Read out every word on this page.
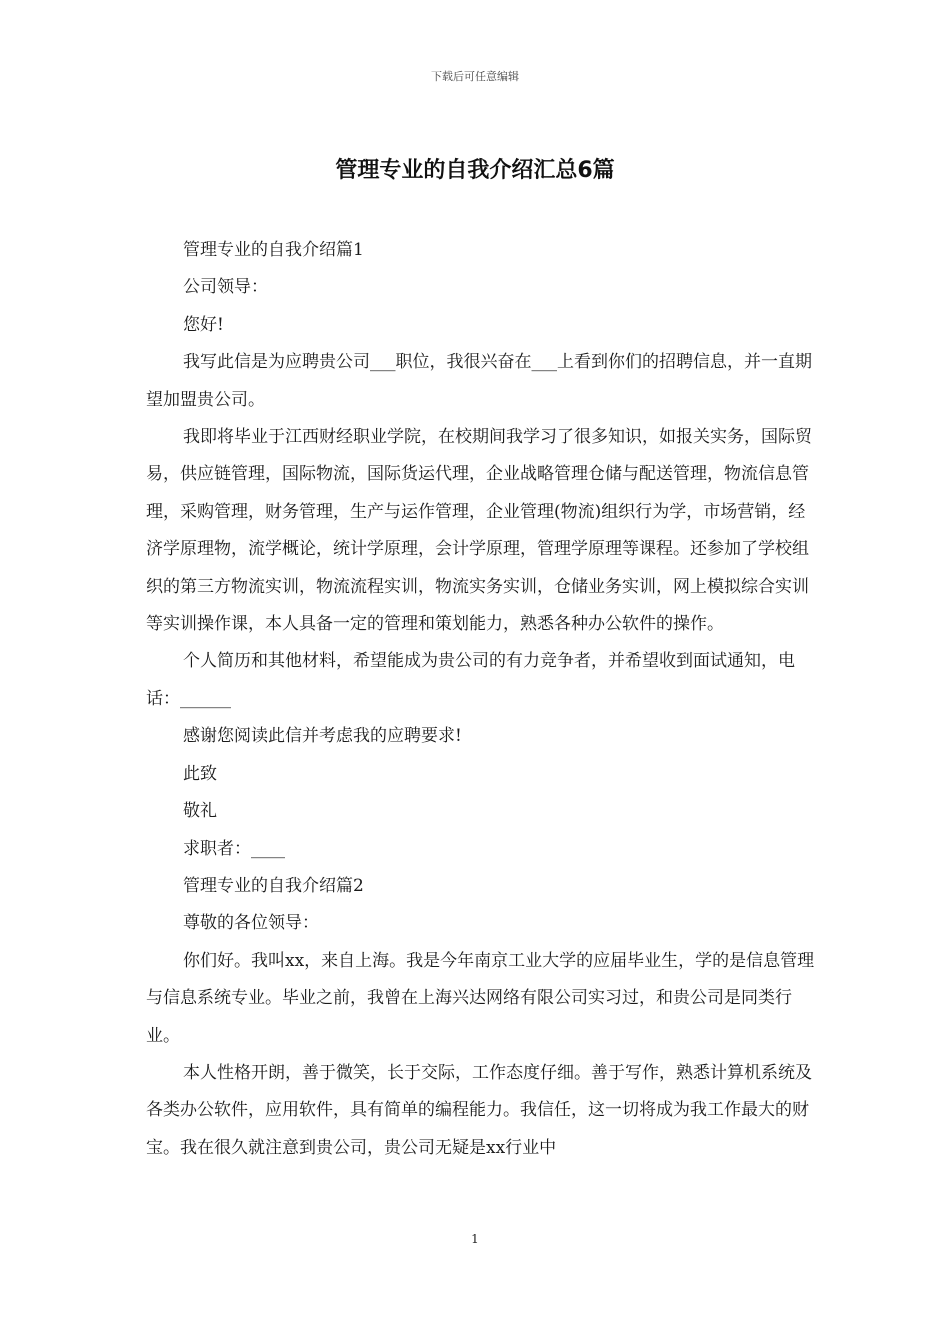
下载后可任意编辑
管理专业的自我介绍汇总6篇

管理专业的自我介绍篇1

公司领导：

您好!

我写此信是为应聘贵公司___职位，我很兴奋在___上看到你们的招聘信息，并一直期望加盟贵公司。

我即将毕业于江西财经职业学院，在校期间我学习了很多知识，如报关实务，国际贸易，供应链管理，国际物流，国际货运代理，企业战略管理仓储与配送管理，物流信息管理，采购管理，财务管理，生产与运作管理，企业管理(物流)组织行为学，市场营销，经济学原理物，流学概论，统计学原理，会计学原理，管理学原理等课程。还参加了学校组织的第三方物流实训，物流流程实训，物流实务实训，仓储业务实训，网上模拟综合实训等实训操作课，本人具备一定的管理和策划能力，熟悉各种办公软件的操作。

个人简历和其他材料，希望能成为贵公司的有力竞争者，并希望收到面试通知，电话：______

感谢您阅读此信并考虑我的应聘要求!

此致

敬礼

求职者：____

管理专业的自我介绍篇2

尊敬的各位领导：

你们好。我叫xx，来自上海。我是今年南京工业大学的应届毕业生，学的是信息管理与信息系统专业。毕业之前，我曾在上海兴达网络有限公司实习过，和贵公司是同类行业。

本人性格开朗，善于微笑，长于交际，工作态度仔细。善于写作，熟悉计算机系统及各类办公软件，应用软件，具有简单的编程能力。我信任，这一切将成为我工作最大的财宝。我在很久就注意到贵公司，贵公司无疑是xx行业中

1
